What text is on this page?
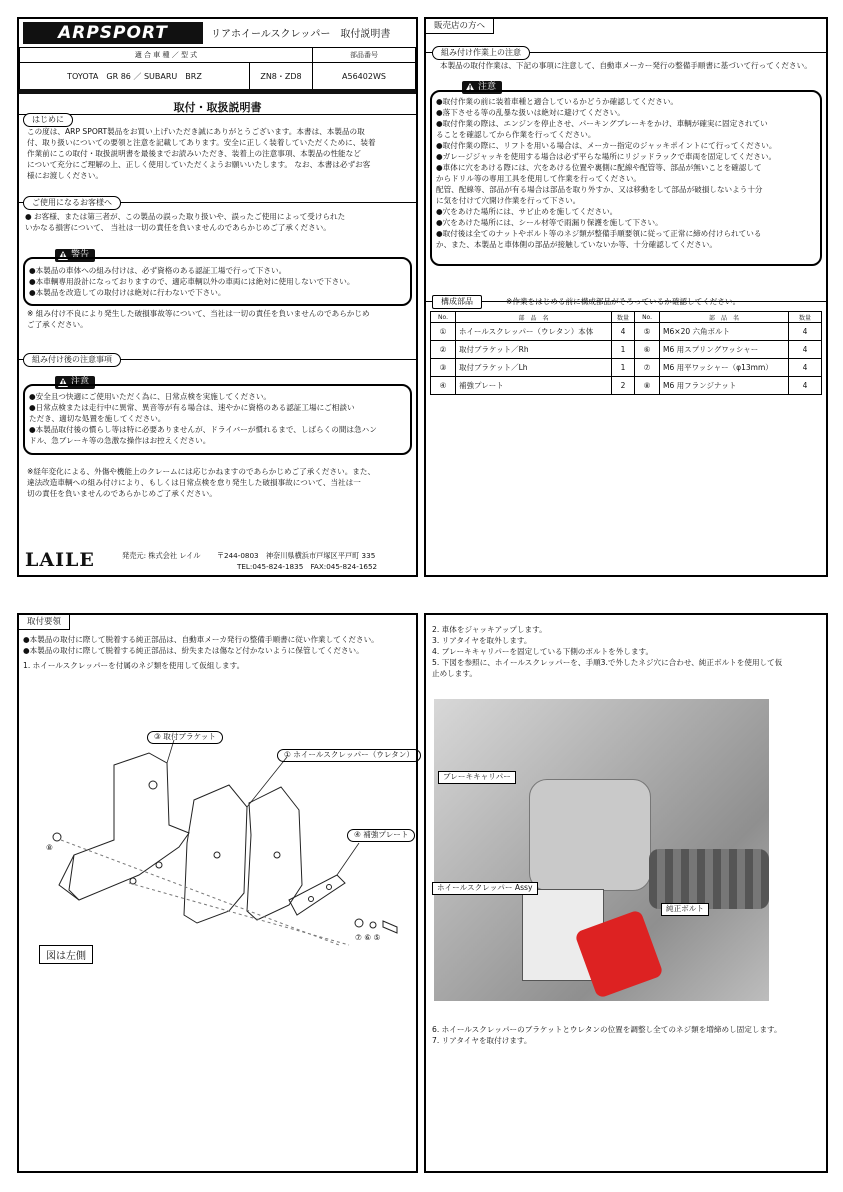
ARPSPORT	リアホイールスクレッパー　取付説明書
適 合 車 種 ／ 型 式		部品番号
TOYOTA　GR 86 ／ SUBARU　BRZ	ZN8・ZD8	A56402WS
取付・取扱説明書
はじめに
この度は、ARP SPORT製品をお買い上げいただき誠にありがとうございます。本書は、本製品の取
付、取り扱いについての要領と注意を記載してあります。安全に正しく装着していただくために、装着
作業前にこの取付・取扱説明書を最後までお読みいただき、装着上の注意事項、本製品の性能など
について充分にご理解の上、正しく使用していただくようお願いいたします。 なお、本書は必ずお客
様にお渡しください。
ご使用になるお客様へ
● お客様、または第三者が、この製品の誤った取り扱いや、誤ったご使用によって受けられた
いかなる損害について、 当社は一切の責任を負いませんのであらかじめご了承ください。
!
警告
●本製品の車体への組み付けは、必ず資格のある認証工場で行って下さい。
●本車輌専用設計になっておりますので、適応車輌以外の車両には絶対に使用しないで下さい。
●本製品を改造しての取付けは絶対に行わないで下さい。
※ 組み付け不良により発生した破損事故等について、当社は一切の責任を負いませんのであらかじめ
ご了承ください。
組み付け後の注意事項
!
注意
●安全且つ快適にご使用いただく為に、日常点検を実施してください。
●日常点検または走行中に異常、異音等が有る場合は、速やかに資格のある認証工場にご相談い
ただき、適切な処置を施してください。
●本製品取付後の慣らし等は特に必要ありませんが、ドライバーが慣れるまで、しばらくの間は急ハン
ドル、急ブレーキ等の急激な操作はお控えください。
※経年変化による、外傷や機能上のクレームには応じかねますのであらかじめご了承ください。また、
違法改造車輌への組み付けにより、もしくは日常点検を怠り発生した破損事故について、当社は一
切の責任を負いませんのであらかじめご了承ください。
LAILE	発売元: 株式会社 レイル 〒244-0803　神奈川県横浜市戸塚区平戸町 335
TEL:045-824-1835　FAX:045-824-1652
販売店の方へ
組み付け作業上の注意
本製品の取付作業は、下記の事項に注意して、自動車メーカー発行の整備手順書に基づいて行ってください。
!
注意
●取付作業の前に装着車種と適合しているかどうか確認してください。
●落下させる等の乱暴な扱いは絶対に避けてください。
●取付作業の際は、エンジンを停止させ、パーキングブレーキをかけ、車輌が確実に固定されてい
ることを確認してから作業を行ってください。
●取付作業の際に、リフトを用いる場合は、メーカー指定のジャッキポイントにて行ってください。
●ガレージジャッキを使用する場合は必ず平らな場所にリジッドラックで車両を固定してください。
●車体に穴をあける際には、穴をあける位置や裏側に配線や配管等、部品が無いことを確認して
からドリル等の専用工具を使用して作業を行ってください。
配管、配線等、部品が有る場合は部品を取り外すか、又は移動をして部品が破損しないよう十分
に気を付けて穴開け作業を行って下さい。
●穴をあけた場所には、サビ止めを施してください。
●穴をあけた場所には、シール材等で雨漏り保護を施して下さい。
●取付後は全てのナットやボルト等のネジ類が整備手順要領に従って正常に締め付けられている
か、また、本製品と車体側の部品が接触していないか等、十分確認してください。
構成部品	※作業をはじめる前に構成部品がそろっているか確認してください。
No.	部　品　名	数量	No.	部　品　名	数量
①	ホイールスクレッパー（ウレタン）本体	4	⑤	M6×20 六角ボルト	4
②	取付ブラケット／Rh	1	⑥	M6 用スプリングワッシャー	4
③	取付ブラケット／Lh	1	⑦	M6 用平ワッシャー（φ13mm）	4
④	補強プレート	2	⑧	M6 用フランジナット	4
取付要領
●本製品の取付に際して脱着する純正部品は、自動車メーカ発行の整備手順書に従い作業してください。
●本製品の取付に際して脱着する純正部品は、紛失または傷など付かないように保管してください。
1. ホイールスクレッパーを付属のネジ類を使用して仮組します。
③ 取付ブラケット
① ホイールスクレッパー（ウレタン）
④ 補強プレート
⑧
⑦ ⑥ ⑤
図は左側
2. 車体をジャッキアップします。
3. リアタイヤを取外します。
4. ブレーキキャリパーを固定している下側のボルトを外します。
5. 下図を参照に、ホイールスクレッパーを、手順3.で外したネジ穴に合わせ、純正ボルトを使用して仮
止めします。
ブレーキキャリパー
ホイールスクレッパー Assy
純正ボルト
6. ホイールスクレッパーのブラケットとウレタンの位置を調整し全てのネジ類を増締めし固定します。
7. リアタイヤを取付けます。
